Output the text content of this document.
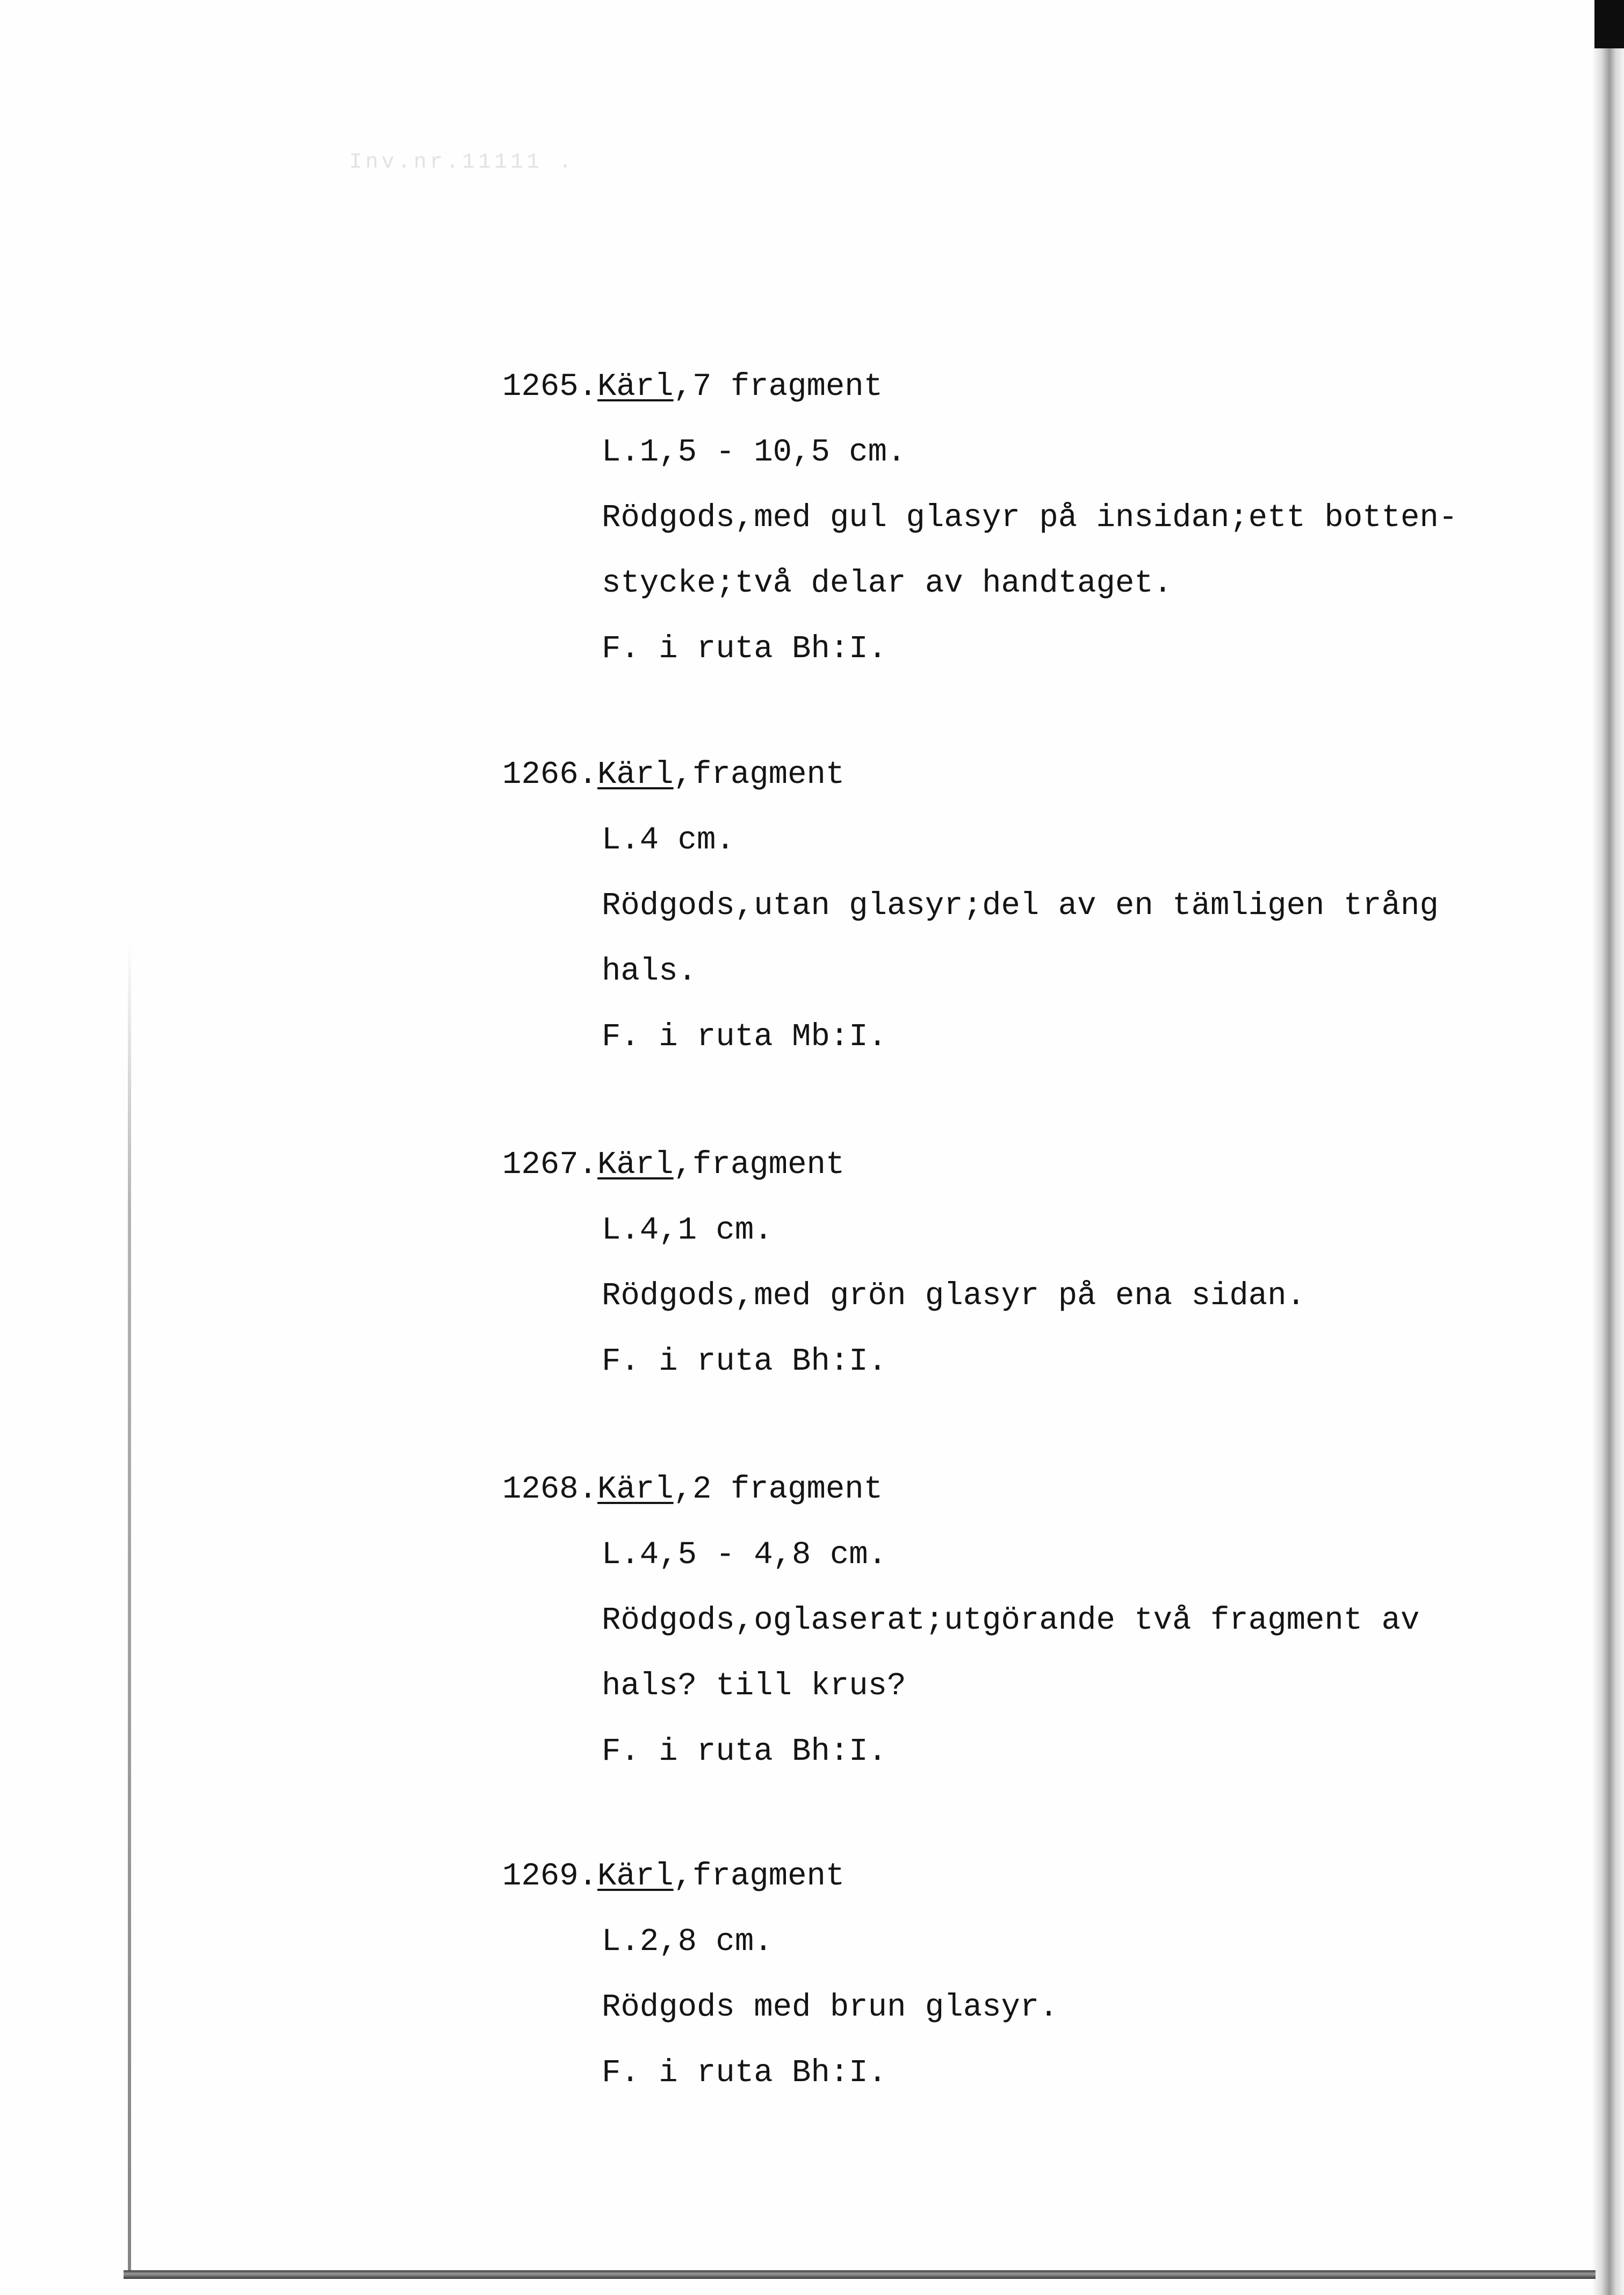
Inv.nr.11111 .
1265.Kärl,7 fragment
L.1,5 - 10,5 cm.
Rödgods,med gul glasyr på insidan;ett botten-
stycke;två delar av handtaget.
F. i ruta Bh:I.
1266.Kärl,fragment
L.4 cm.
Rödgods,utan glasyr;del av en tämligen trång
hals.
F. i ruta Mb:I.
1267.Kärl,fragment
L.4,1 cm.
Rödgods,med grön glasyr på ena sidan.
F. i ruta Bh:I.
1268.Kärl,2 fragment
L.4,5 - 4,8 cm.
Rödgods,oglaserat;utgörande två fragment av
hals? till krus?
F. i ruta Bh:I.
1269.Kärl,fragment
L.2,8 cm.
Rödgods med brun glasyr.
F. i ruta Bh:I.
